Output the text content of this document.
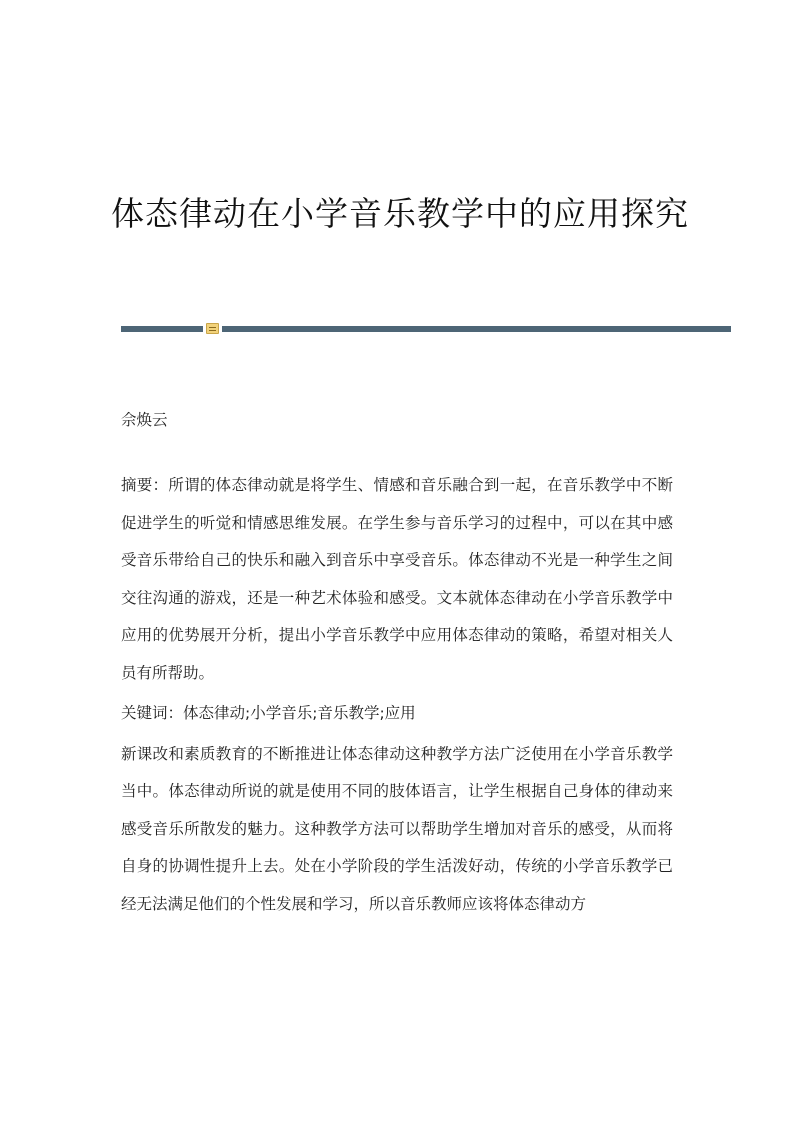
体态律动在小学音乐教学中的应用探究

佘焕云

摘要：所谓的体态律动就是将学生、情感和音乐融合到一起，在音乐教学中不断促进学生的听觉和情感思维发展。在学生参与音乐学习的过程中，可以在其中感受音乐带给自己的快乐和融入到音乐中享受音乐。体态律动不光是一种学生之间交往沟通的游戏，还是一种艺术体验和感受。文本就体态律动在小学音乐教学中应用的优势展开分析，提出小学音乐教学中应用体态律动的策略，希望对相关人员有所帮助。

关键词：体态律动;小学音乐;音乐教学;应用

新课改和素质教育的不断推进让体态律动这种教学方法广泛使用在小学音乐教学当中。体态律动所说的就是使用不同的肢体语言，让学生根据自己身体的律动来感受音乐所散发的魅力。这种教学方法可以帮助学生增加对音乐的感受，从而将自身的协调性提升上去。处在小学阶段的学生活泼好动，传统的小学音乐教学已经无法满足他们的个性发展和学习，所以音乐教师应该将体态律动方
